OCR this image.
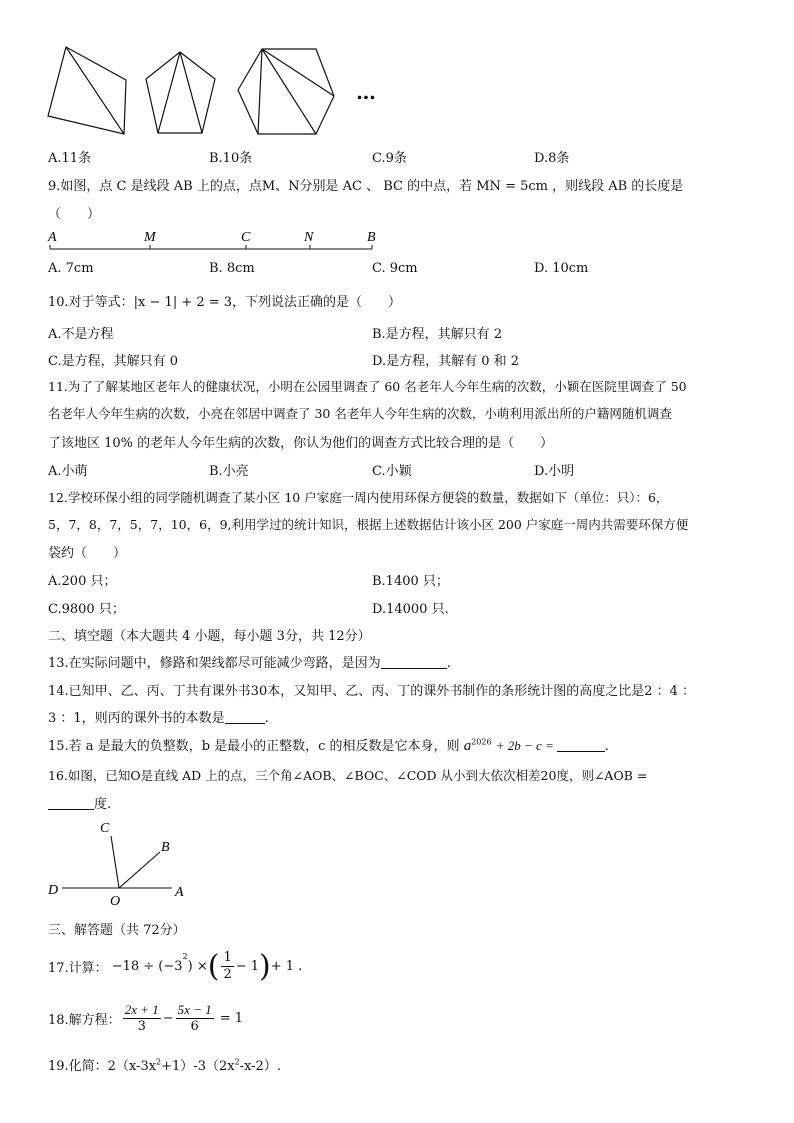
…
A.11条	B.10条	C.9条	D.8条
9.如图，点 C 是线段 AB 上的点，点M、N分别是 AC 、 BC 的中点，若 MN = 5cm ，则线段 AB 的长度是
（　　）
A	M	C	N	B
A. 7cm	B. 8cm	C. 9cm	D. 10cm
10.对于等式：|x − 1| + 2 = 3，下列说法正确的是（　　）
A.不是方程	B.是方程，其解只有 2
C.是方程，其解只有 0	D.是方程，其解有 0 和 2
11.为了了解某地区老年人的健康状况，小明在公园里调查了 60 名老年人今年生病的次数，小颖在医院里调查了 50
名老年人今年生病的次数，小亮在邻居中调查了 30 名老年人今年生病的次数，小萌利用派出所的户籍网随机调查
了该地区 10% 的老年人今年生病的次数，你认为他们的调查方式比较合理的是（　　）
A.小萌	B.小亮	C.小颖	D.小明
12.学校环保小组的同学随机调查了某小区 10 户家庭一周内使用环保方便袋的数量，数据如下（单位：只）：6，
5，7，8，7，5，7，10，6，9,利用学过的统计知识，根据上述数据估计该小区 200 户家庭一周内共需要环保方便
袋约（　　）
A.200 只；	B.1400 只；
C.9800 只；	D.14000 只.
二、填空题（本大题共 4 小题，每小题 3分，共 12分）
13.在实际问题中，修路和架线都尽可能减少弯路，是因为	.
14.已知甲、乙、丙、丁共有课外书30本，又知甲、乙、丙、丁的课外书制作的条形统计图的高度之比是2 ：4 ：
3 ：1，则丙的课外书的本数是	.
15.若 a 是最大的负整数，b 是最小的正整数，c 的相反数是它本身，则 $a^{2026} + 2b - c$ =	.
16.如图，已知O是直线 AD 上的点，三个角∠AOB、∠BOC、∠COD 从小到大依次相差20度，则∠AOB =
度.
C
B
D
O
A
三、解答题（共 72分）
17.计算： −18 ÷ (−3
$^2$
) × ( $\frac{1}{2} - 1$ ) + 1 .
18.解方程： $\frac{2x + 1}{3} - \frac{5x - 1}{6} = 1$
19.化简：$2(x-3x^2+1)-3(2x^2-x-2)$.
